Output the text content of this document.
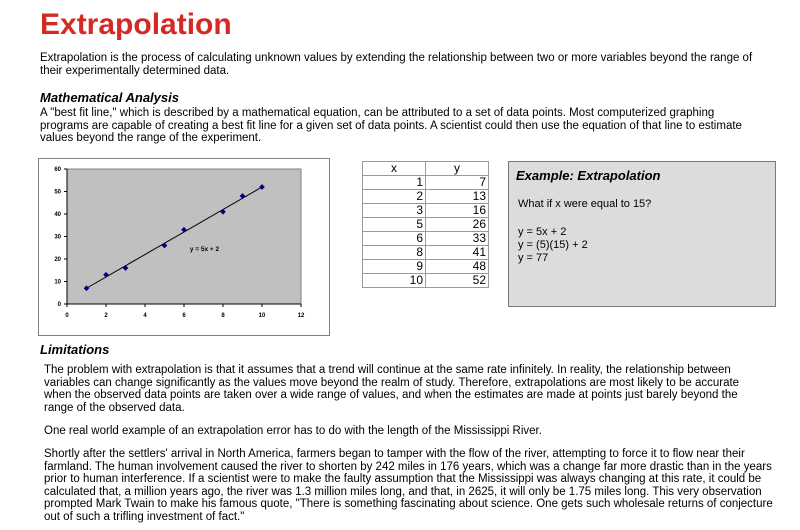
Extrapolation

Extrapolation is the process of calculating unknown values by extending the relationship between two or more variables beyond the range of their experimentally determined data.

Mathematical Analysis

A "best fit line," which is described by a mathematical equation, can be attributed to a set of data points. Most computerized graphing programs are capable of creating a best fit line for a given set of data points. A scientist could then use the equation of that line to estimate values beyond the range of the experiment.

0
10
20
30
40
50
60
0	2	4	6	8	10	12
y = 5x + 2
x	y
1	7
2	13
3	16
5	26
6	33
8	41
9	48
10	52
Example: Extrapolation
What if x were equal to 15?
y = 5x + 2
y = (5)(15) + 2
y = 77
Limitations

The problem with extrapolation is that it assumes that a trend will continue at the same rate infinitely. In reality, the relationship between variables can change significantly as the values move beyond the realm of study. Therefore, extrapolations are most likely to be accurate when the observed data points are taken over a wide range of values, and when the estimates are made at points just barely beyond the range of the observed data.

One real world example of an extrapolation error has to do with the length of the Mississippi River.

Shortly after the settlers' arrival in North America, farmers began to tamper with the flow of the river, attempting to force it to flow near their farmland. The human involvement caused the river to shorten by 242 miles in 176 years, which was a change far more drastic than in the years prior to human interference. If a scientist were to make the faulty assumption that the Mississippi was always changing at this rate, it could be calculated that, a million years ago, the river was 1.3 million miles long, and that, in 2625, it will only be 1.75 miles long. This very observation prompted Mark Twain to make his famous quote, "There is something fascinating about science. One gets such wholesale returns of conjecture out of such a trifling investment of fact."
